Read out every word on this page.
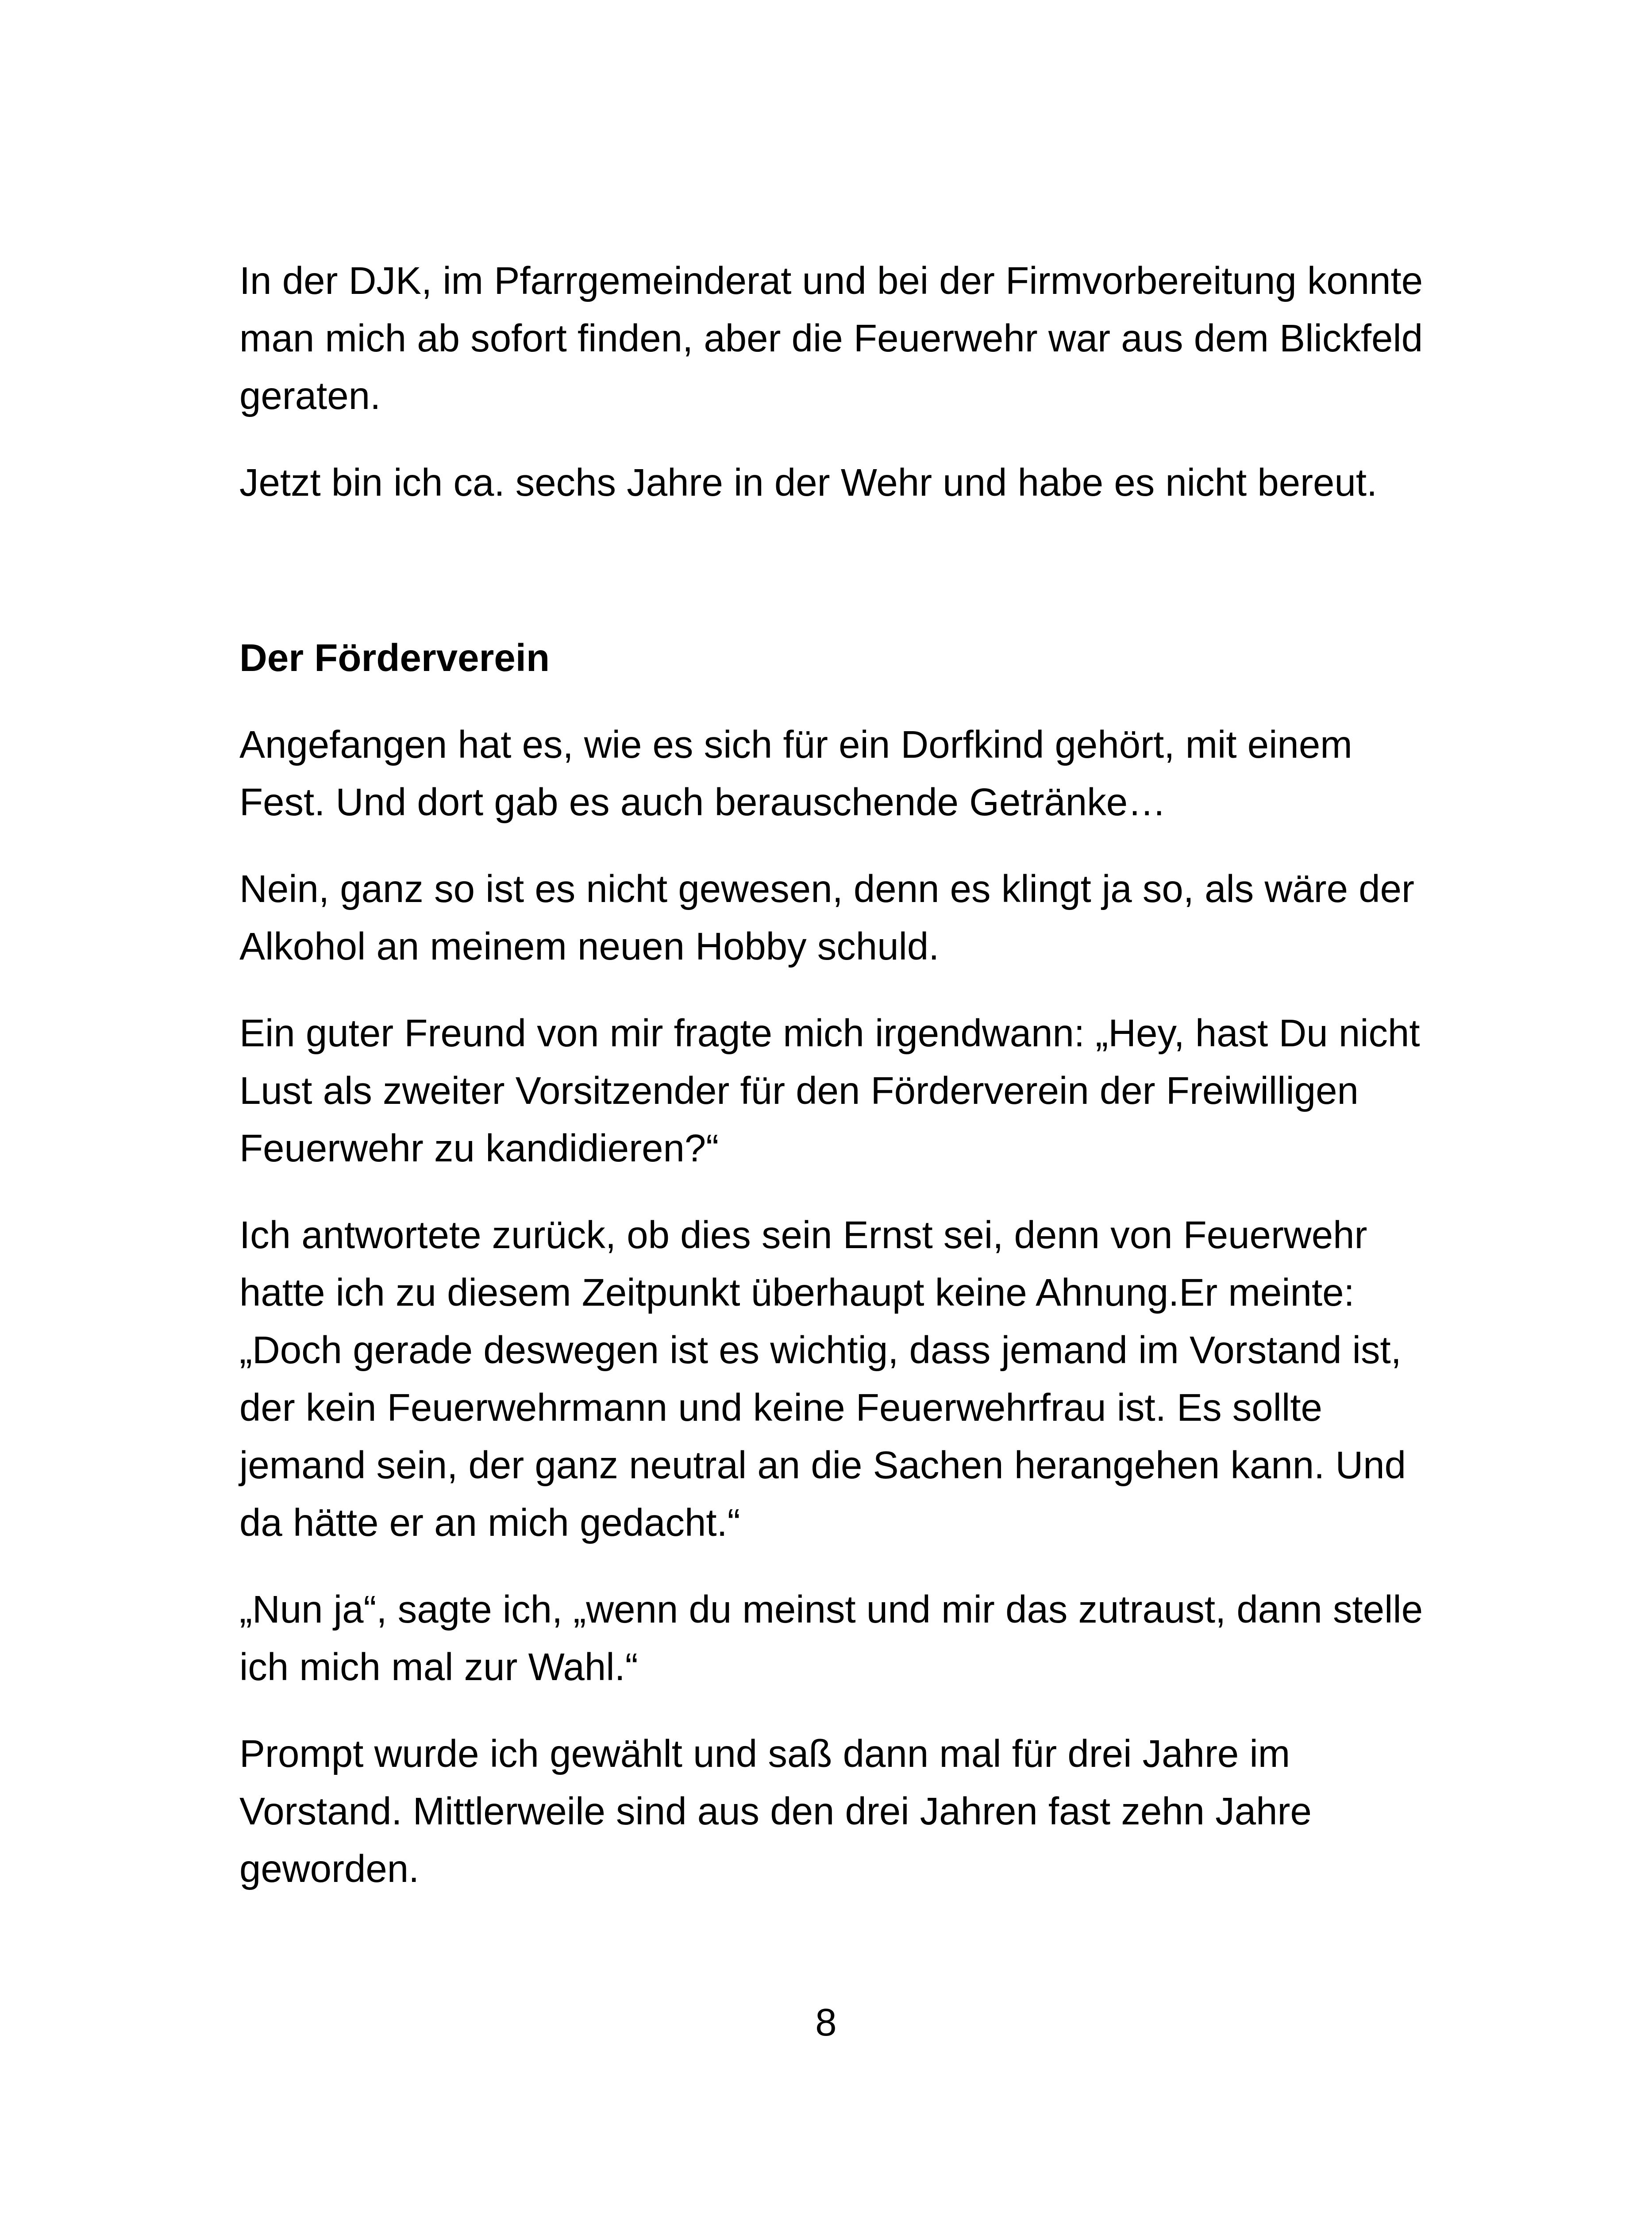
In der DJK, im Pfarrgemeinderat und bei der Firmvorbereitung konnte
man mich ab sofort finden, aber die Feuerwehr war aus dem Blickfeld
geraten.

Jetzt bin ich ca. sechs Jahre in der Wehr und habe es nicht bereut.

Der Förderverein

Angefangen hat es, wie es sich für ein Dorfkind gehört, mit einem
Fest. Und dort gab es auch berauschende Getränke…

Nein, ganz so ist es nicht gewesen, denn es klingt ja so, als wäre der
Alkohol an meinem neuen Hobby schuld.

Ein guter Freund von mir fragte mich irgendwann: „Hey, hast Du nicht
Lust als zweiter Vorsitzender für den Förderverein der Freiwilligen
Feuerwehr zu kandidieren?“

Ich antwortete zurück, ob dies sein Ernst sei, denn von Feuerwehr
hatte ich zu diesem Zeitpunkt überhaupt keine Ahnung.Er meinte:
„Doch gerade deswegen ist es wichtig, dass jemand im Vorstand ist,
der kein Feuerwehrmann und keine Feuerwehrfrau ist. Es sollte
jemand sein, der ganz neutral an die Sachen herangehen kann. Und
da hätte er an mich gedacht.“

„Nun ja“, sagte ich, „wenn du meinst und mir das zutraust, dann stelle
ich mich mal zur Wahl.“

Prompt wurde ich gewählt und saß dann mal für drei Jahre im
Vorstand. Mittlerweile sind aus den drei Jahren fast zehn Jahre
geworden.

8
